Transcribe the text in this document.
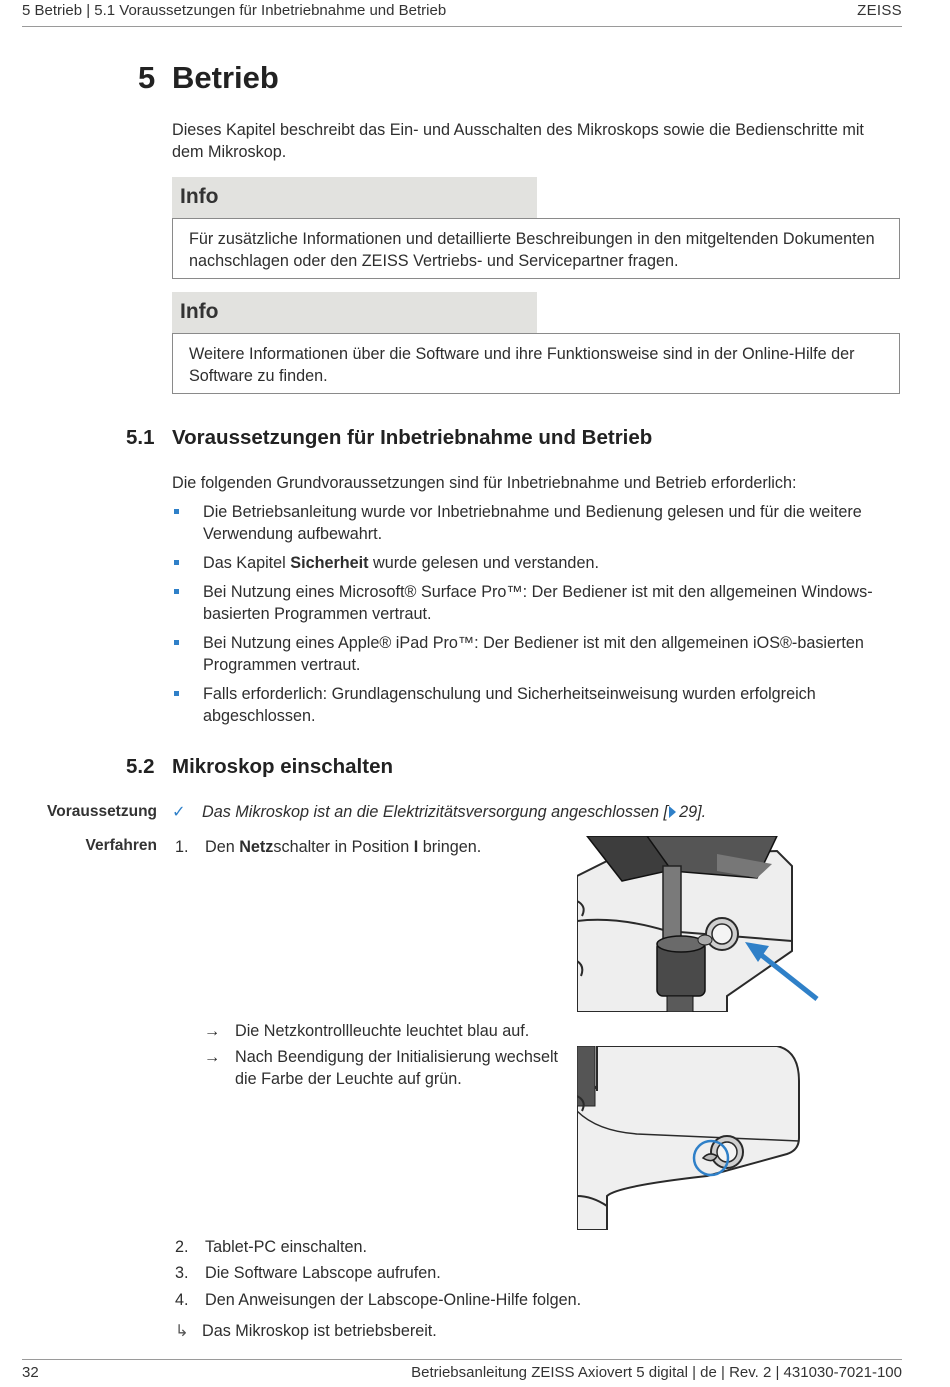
5 Betrieb | 5.1 Voraussetzungen für Inbetriebnahme und Betrieb	ZEISS
5 Betrieb
Dieses Kapitel beschreibt das Ein- und Ausschalten des Mikroskops sowie die Bedienschritte mit dem Mikroskop.
Info
Für zusätzliche Informationen und detaillierte Beschreibungen in den mitgeltenden Dokumenten nachschlagen oder den ZEISS Vertriebs- und Servicepartner fragen.
Info
Weitere Informationen über die Software und ihre Funktionsweise sind in der Online-Hilfe der Software zu finden.
5.1 Voraussetzungen für Inbetriebnahme und Betrieb
Die folgenden Grundvoraussetzungen sind für Inbetriebnahme und Betrieb erforderlich:
Die Betriebsanleitung wurde vor Inbetriebnahme und Bedienung gelesen und für die weitere Verwendung aufbewahrt.
Das Kapitel Sicherheit wurde gelesen und verstanden.
Bei Nutzung eines Microsoft® Surface Pro™: Der Bediener ist mit den allgemeinen Windows-basierten Programmen vertraut.
Bei Nutzung eines Apple® iPad Pro™: Der Bediener ist mit den allgemeinen iOS®-basierten Programmen vertraut.
Falls erforderlich: Grundlagenschulung und Sicherheitseinweisung wurden erfolgreich abgeschlossen.
5.2 Mikroskop einschalten
Voraussetzung ✓ Das Mikroskop ist an die Elektrizitätsversorgung angeschlossen [ 29].
Verfahren 1. Den Netzschalter in Position I bringen.
→ Die Netzkontrollleuchte leuchtet blau auf.
→ Nach Beendigung der Initialisierung wechselt die Farbe der Leuchte auf grün.
2. Tablet-PC einschalten.
3. Die Software Labscope aufrufen.
4. Den Anweisungen der Labscope-Online-Hilfe folgen.
↳ Das Mikroskop ist betriebsbereit.
32	Betriebsanleitung ZEISS Axiovert 5 digital | de | Rev. 2 | 431030-7021-100
